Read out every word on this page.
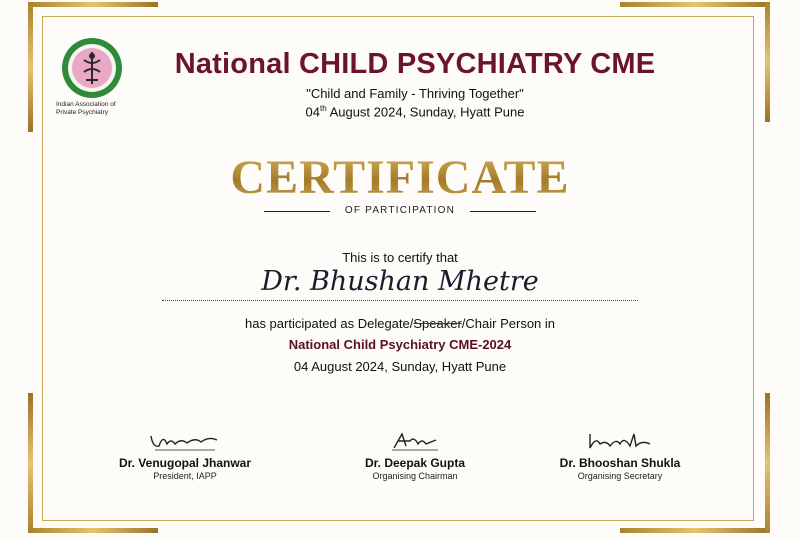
Indian Association of Private Psychiatry
National CHILD PSYCHIATRY CME
"Child and Family - Thriving Together"
04th August 2024, Sunday, Hyatt Pune
CERTIFICATE
OF PARTICIPATION
This is to certify that
Dr. Bhushan Mhetre
has participated as Delegate/Speaker/Chair Person in
National Child Psychiatry CME-2024
04 August 2024, Sunday, Hyatt Pune
Dr. Venugopal Jhanwar
President, IAPP
Dr. Deepak Gupta
Organising Chairman
Dr. Bhooshan Shukla
Organising Secretary
